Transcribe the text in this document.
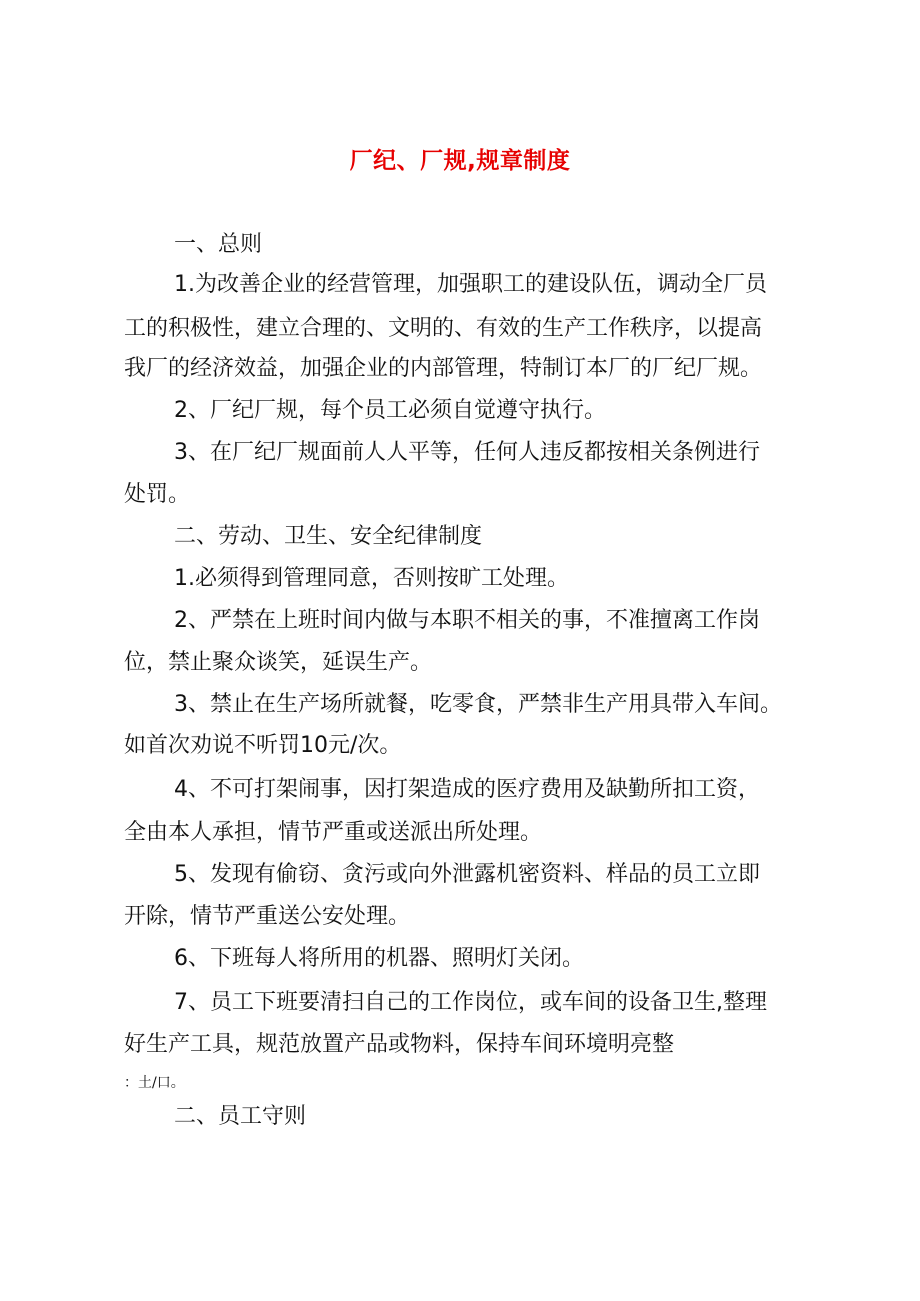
厂纪、厂规,规章制度
一、总则
1.为改善企业的经营管理，加强职工的建设队伍，调动全厂员
工的积极性，建立合理的、文明的、有效的生产工作秩序，以提高
我厂的经济效益，加强企业的内部管理，特制订本厂的厂纪厂规。
2、厂纪厂规，每个员工必须自觉遵守执行。
3、在厂纪厂规面前人人平等，任何人违反都按相关条例进行
处罚。
二、劳动、卫生、安全纪律制度
1.必须得到管理同意，否则按旷工处理。
2、严禁在上班时间内做与本职不相关的事，不准擅离工作岗
位，禁止聚众谈笑，延误生产。
3、禁止在生产场所就餐，吃零食，严禁非生产用具带入车间。
如首次劝说不听罚10元/次。
4、不可打架闹事，因打架造成的医疗费用及缺勤所扣工资，
全由本人承担，情节严重或送派出所处理。
5、发现有偷窃、贪污或向外泄露机密资料、样品的员工立即
开除，情节严重送公安处理。
6、下班每人将所用的机器、照明灯关闭。
7、员工下班要清扫自己的工作岗位，或车间的设备卫生,整理
好生产工具，规范放置产品或物料，保持车间环境明亮整
：土/口。
二、员工守则
